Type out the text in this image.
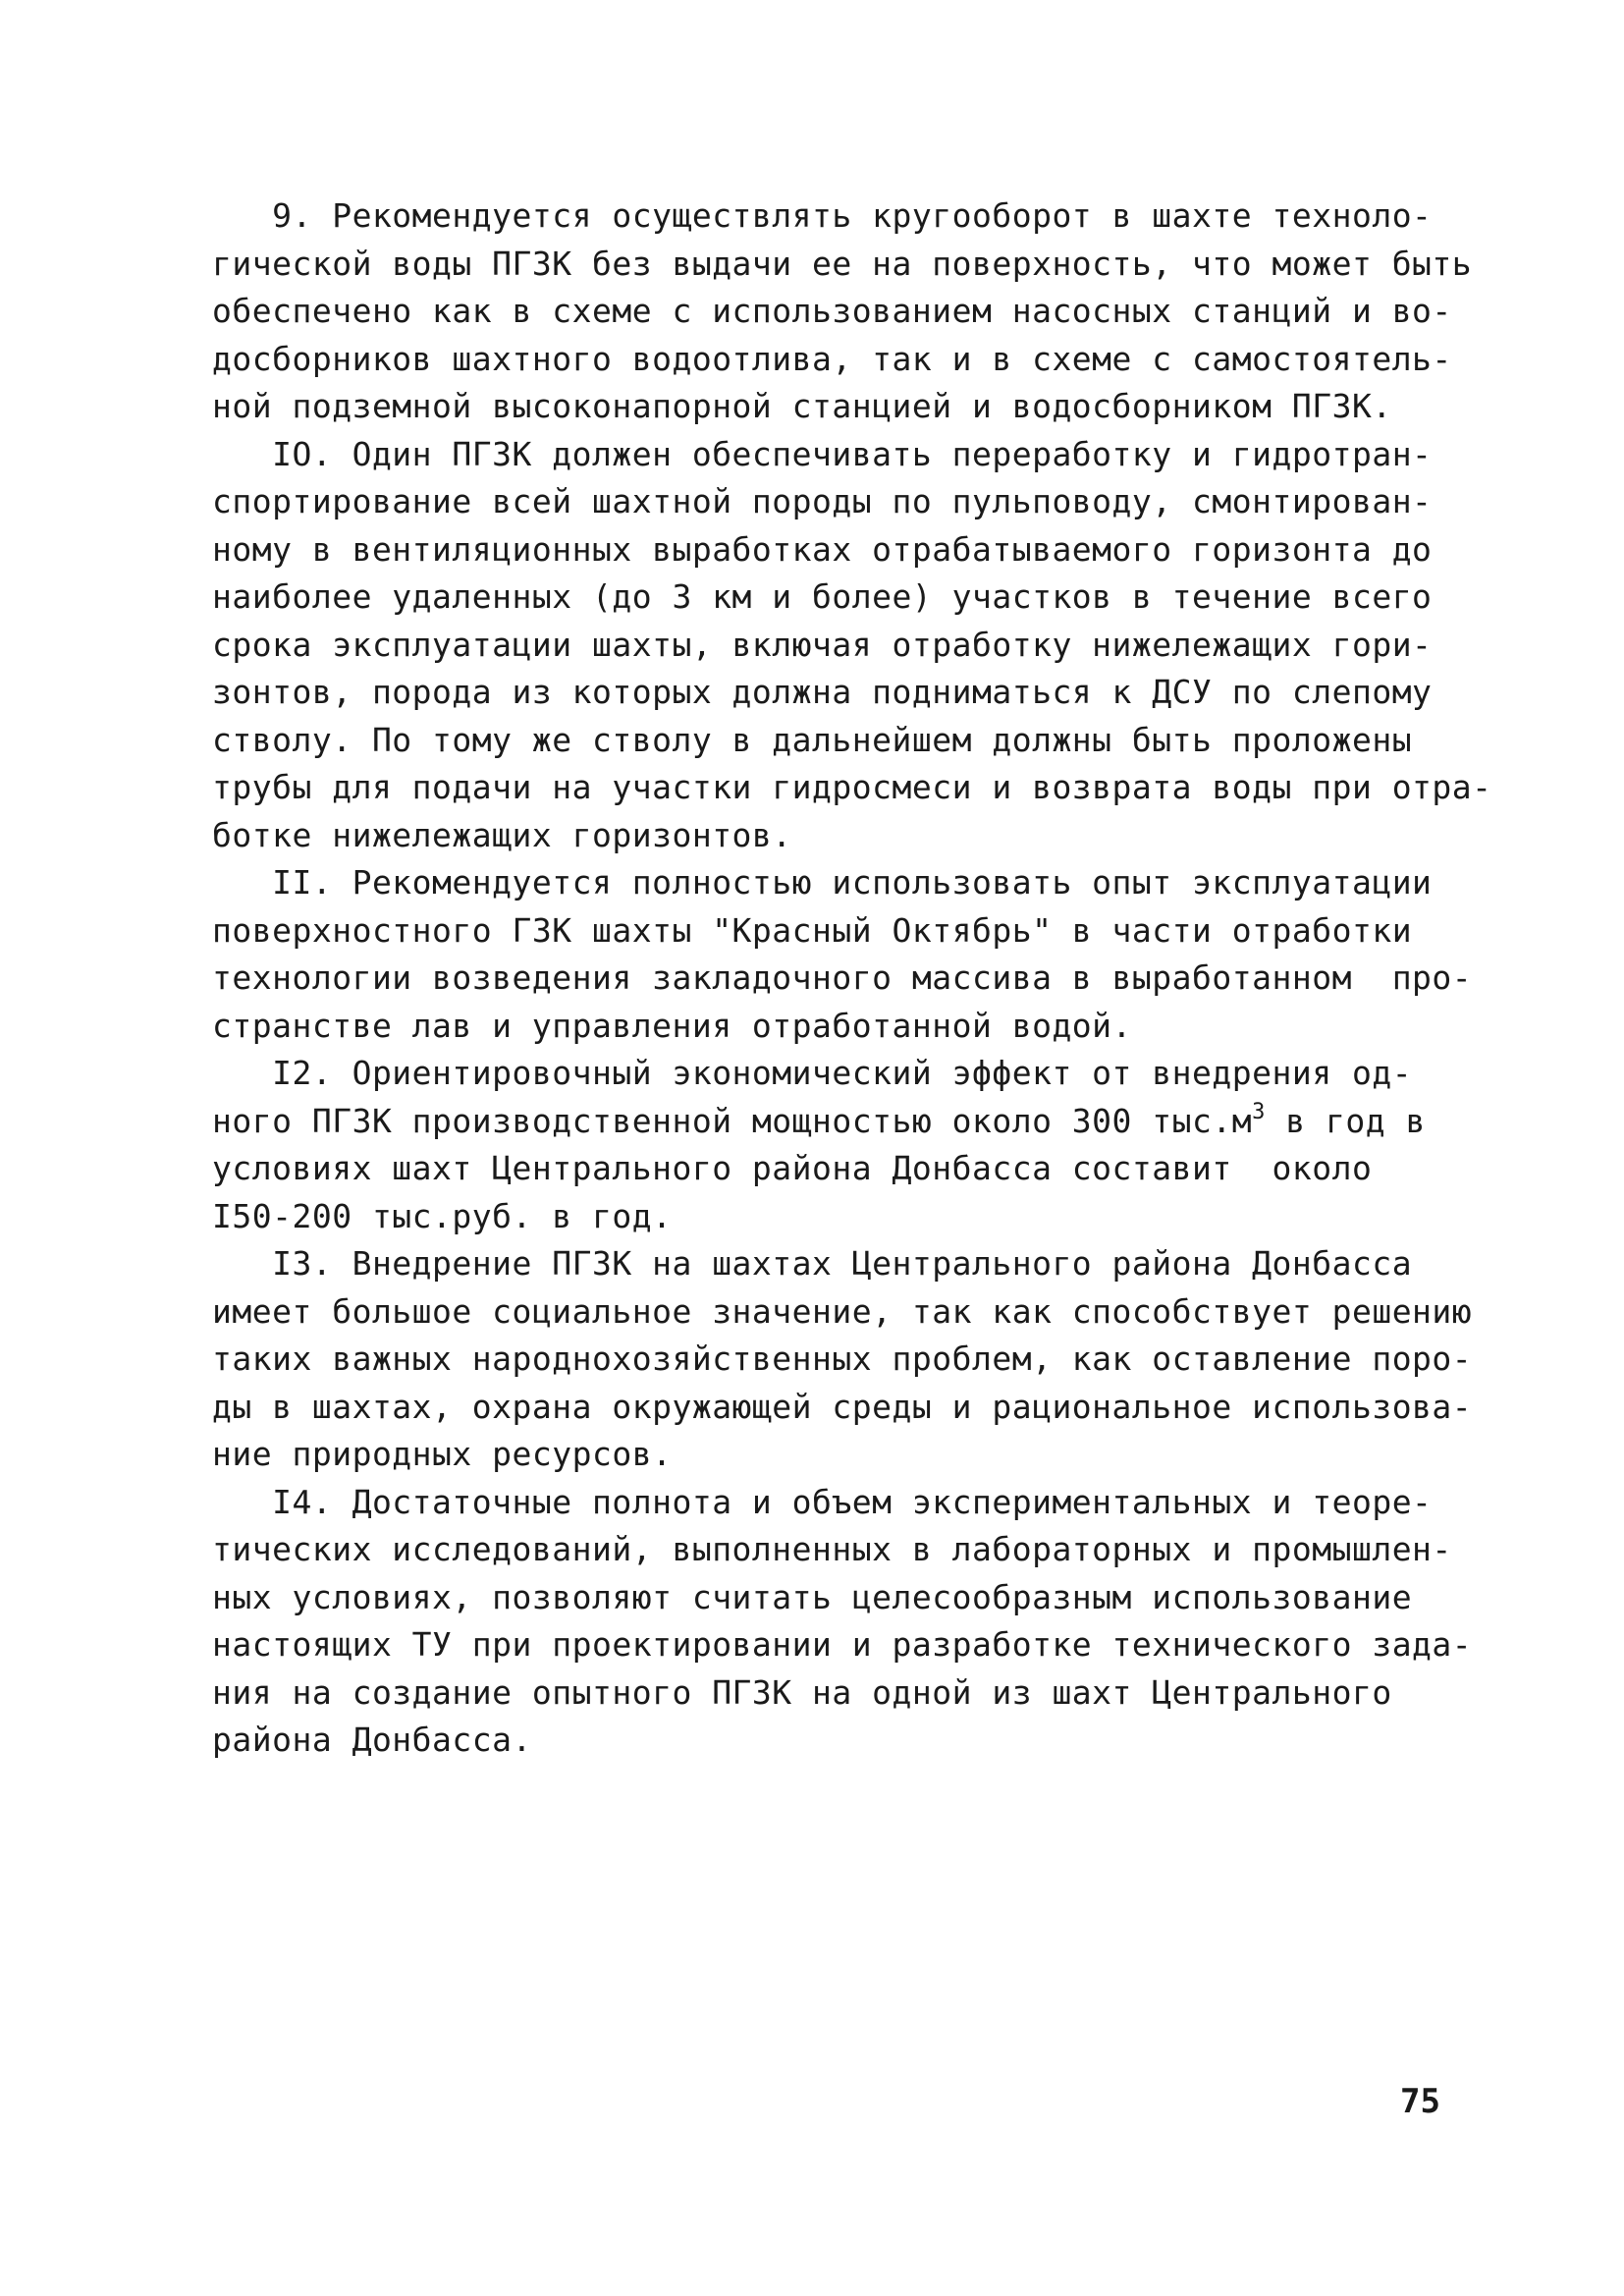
9. Рекомендуется осуществлять кругооборот в шахте технолo-
гической воды ПГЗК без выдачи ее на поверхность, что может быть
обеспечено как в схеме с использованием насосных станций и во-
досборников шахтного водоотлива, так и в схеме с самостоятель-
ной подземной высоконапорной станцией и водосборником ПГЗК.
IO. Один ПГЗК должен обеспечивать переработку и гидротран-
спортирование всей шахтной породы по пульповоду, смонтирован-
ному в вентиляционных выработках отрабатываемого горизонта до
наиболее удаленных (до 3 км и более) участков в течение всего
срока эксплуатации шахты, включая отработку нижележащих гори-
зонтов, порода из которых должна подниматься к ДСУ по слепому
стволу. По тому же стволу в дальнейшем должны быть проложены
трубы для подачи на участки гидросмеси и возврата воды при отра-
ботке нижележащих горизонтов.
II. Рекомендуется полностью использовать опыт эксплуатации
поверхностного ГЗК шахты "Красный Октябрь" в части отработки
технологии возведения закладочного массива в выработанном  про-
странстве лав и управления отработанной водой.
I2. Ориентировочный экономический эффект от внедрения од-
ного ПГЗК производственной мощностью около 300 $тыс.м^3$ в год в
условиях шахт Центрального района Донбасса составит  около
I50-200 тыс.руб. в год.
I3. Внедрение ПГЗК на шахтах Центрального района Донбасса
имеет большое социальное значение, так как способствует решению
таких важных народнохозяйственных проблем, как оставление поро-
ды в шахтах, охрана окружающей среды и рациональное использова-
ние природных ресурсов.
I4. Достаточные полнота и объем экспериментальных и теоре-
тических исследований, выполненных в лабораторных и промышлен-
ных условиях, позволяют считать целесообразным использование
настоящих ТУ при проектировании и разработке технического зада-
ния на создание опытного ПГЗК на одной из шахт Центрального
района Донбасса.
75
